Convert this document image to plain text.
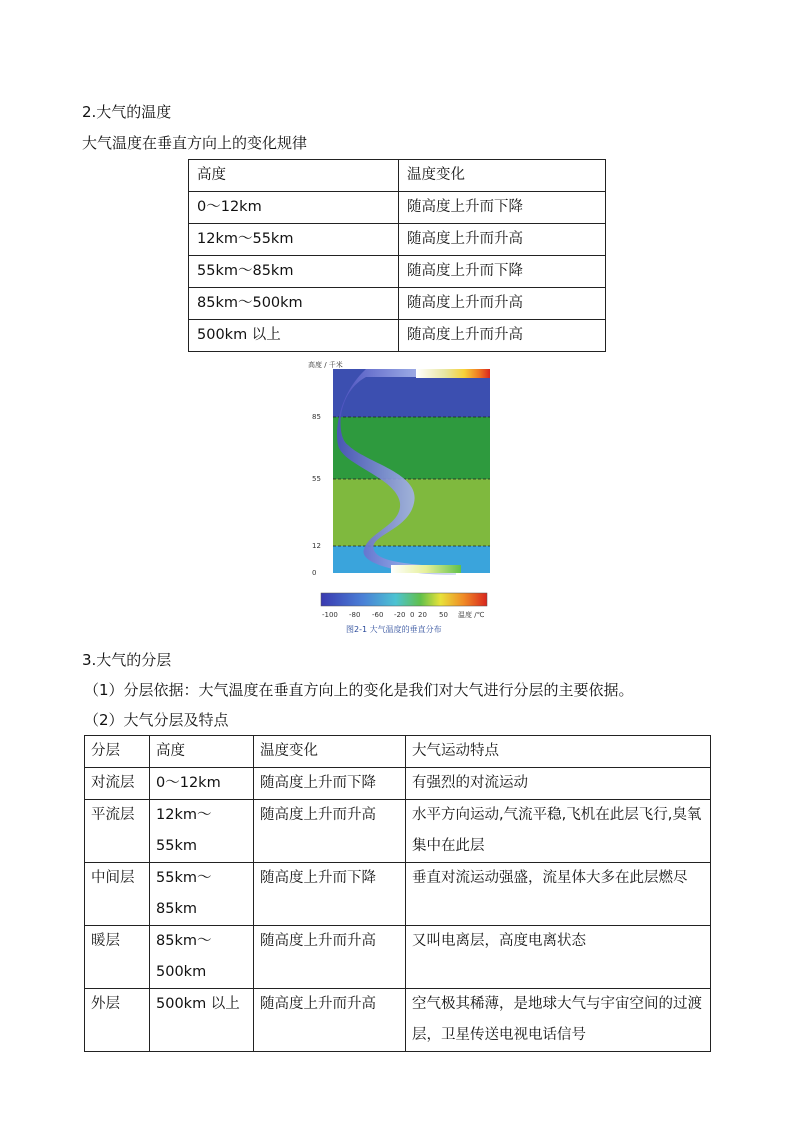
2.大气的温度
大气温度在垂直方向上的变化规律
高度	温度变化
0～12km	随高度上升而下降
12km～55km	随高度上升而升高
55km～85km	随高度上升而下降
85km～500km	随高度上升而升高
500km 以上	随高度上升而升高
高度 / 千米
85
55
12
0
-100 -80 -60 -20 0 20 50 温度 /℃
图2-1 大气温度的垂直分布
3.大气的分层
（1）分层依据：大气温度在垂直方向上的变化是我们对大气进行分层的主要依据。
（2）大气分层及特点
分层	高度	温度变化	大气运动特点
对流层	0～12km	随高度上升而下降	有强烈的对流运动
平流层	12km～55km	随高度上升而升高	水平方向运动,气流平稳,飞机在此层飞行,臭氧集中在此层
中间层	55km～85km	随高度上升而下降	垂直对流运动强盛，流星体大多在此层燃尽
暖层	85km～500km	随高度上升而升高	又叫电离层，高度电离状态
外层	500km 以上	随高度上升而升高	空气极其稀薄，是地球大气与宇宙空间的过渡层，卫星传送电视电话信号
